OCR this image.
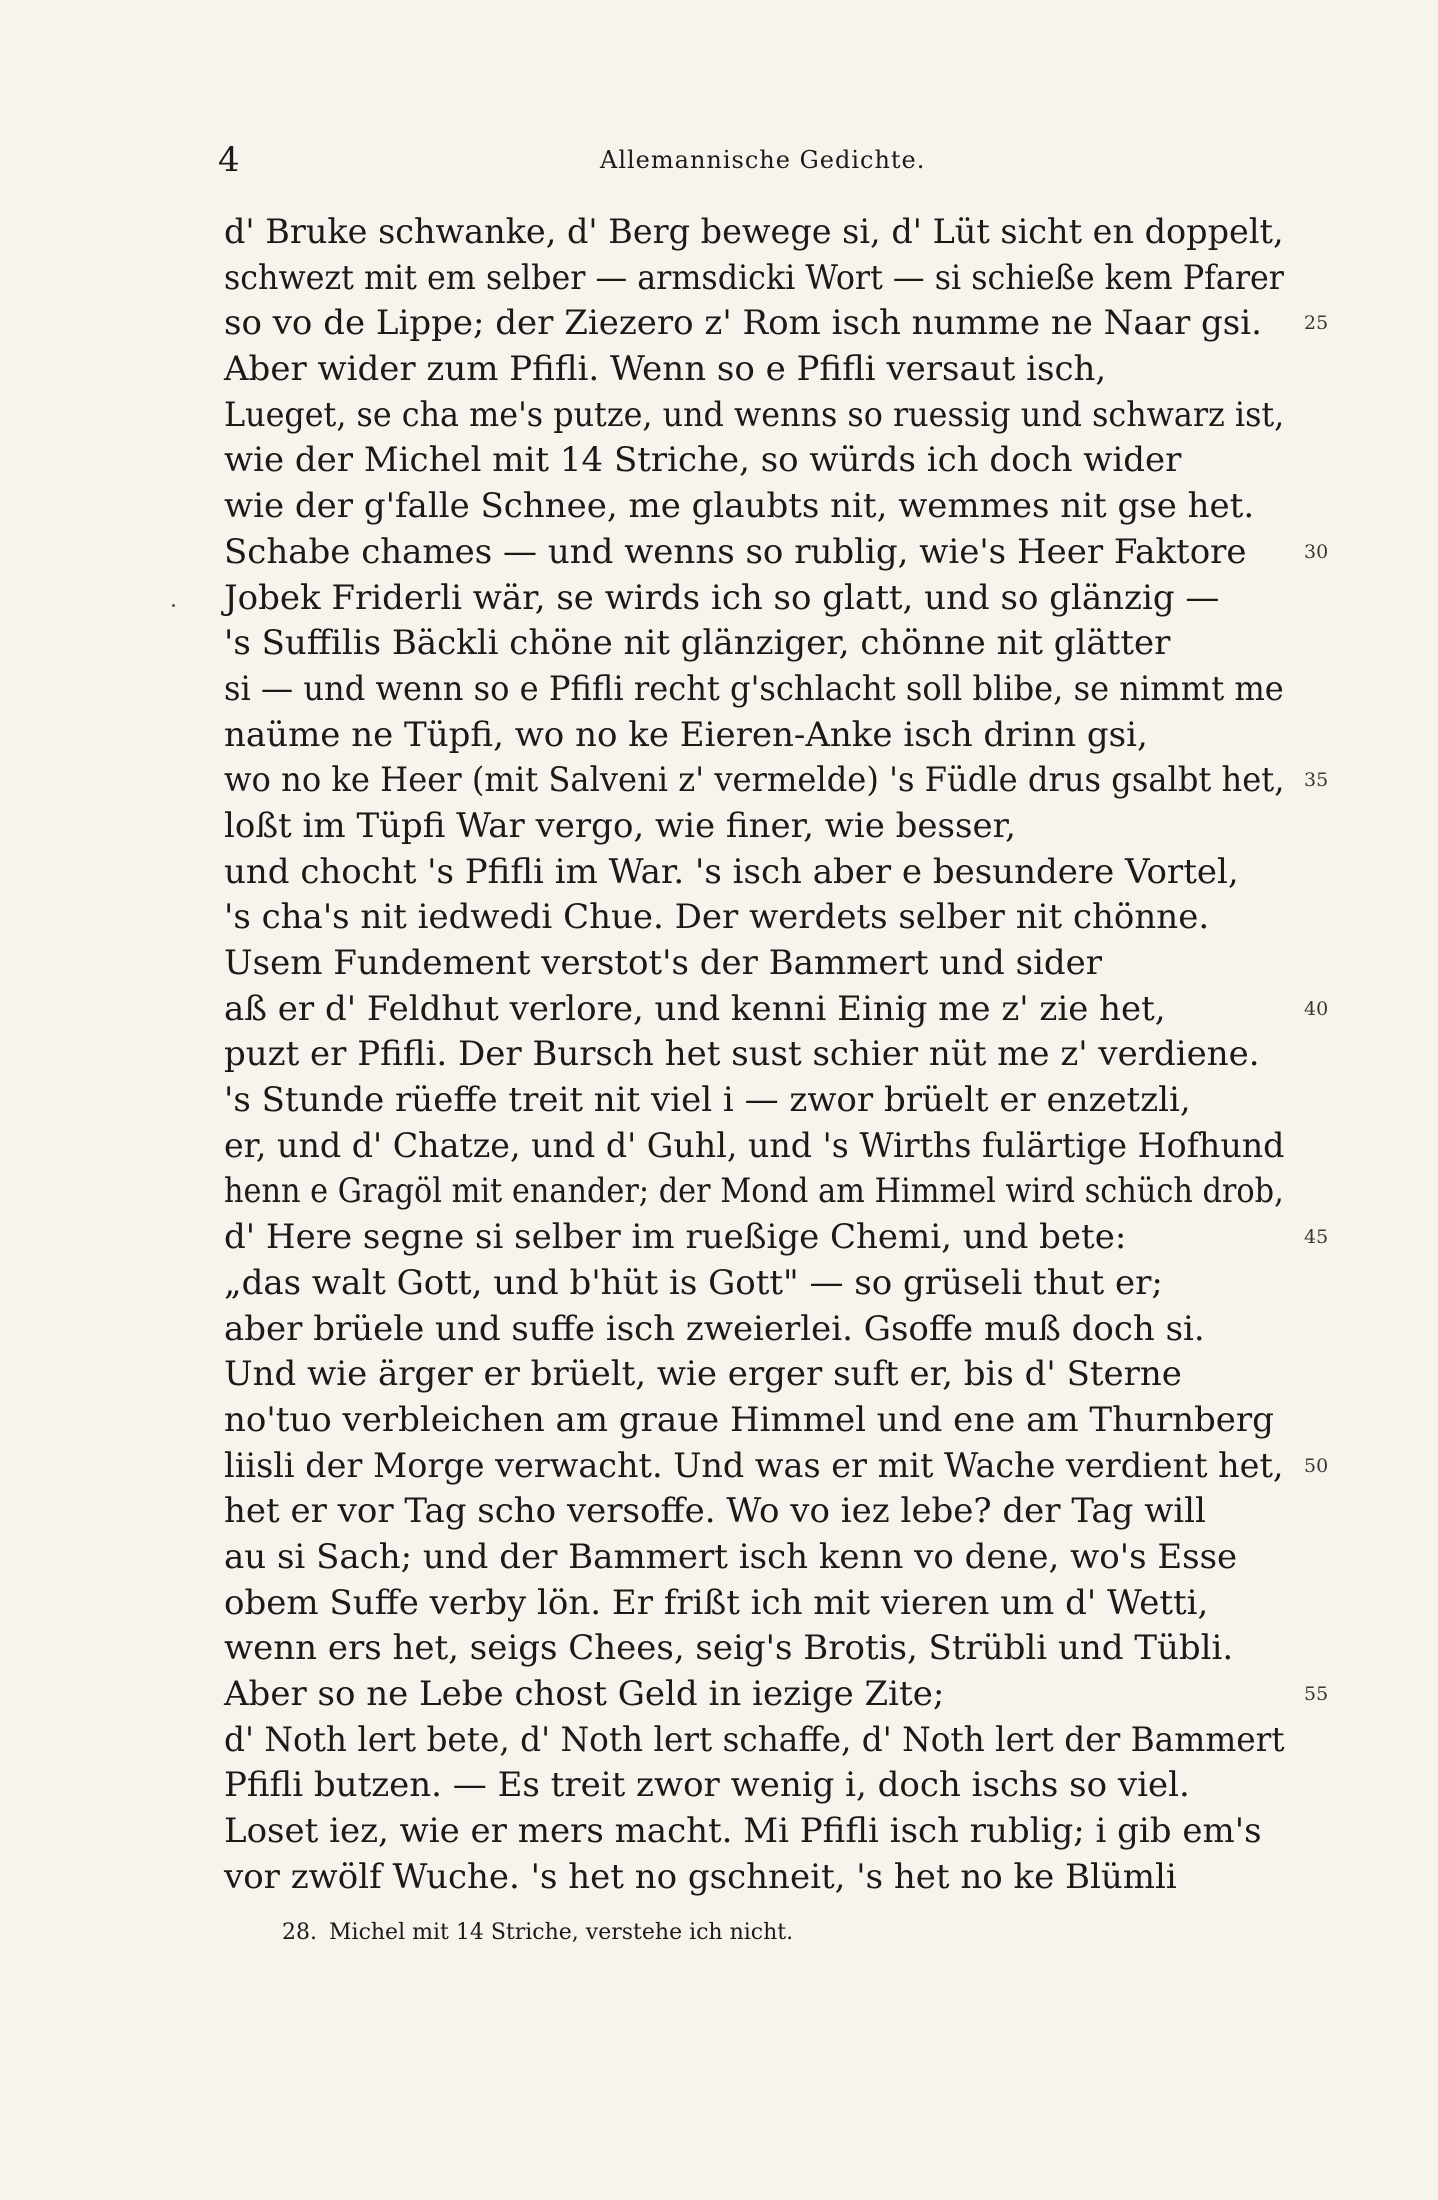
4	Allemannische Gedichte.
d' Bruke schwanke, d' Berg bewege si, d' Lüt sicht en doppelt,
schwezt mit em selber — armsdicki Wort — si schieße kem Pfarer
so vo de Lippe; der Ziezero z' Rom isch numme ne Naar gsi. 25
Aber wider zum Pfifli. Wenn so e Pfifli versaut isch,
Lueget, se cha me's putze, und wenns so ruessig und schwarz ist,
wie der Michel mit 14 Striche, so würds ich doch wider
wie der g'falle Schnee, me glaubts nit, wemmes nit gse het.
Schabe chames — und wenns so rublig, wie's Heer Faktore	30
Jobek Friderli wär, se wirds ich so glatt, und so glänzig —
's Suffilis Bäckli chöne nit glänziger, chönne nit glätter
si — und wenn so e Pfifli recht g'schlacht soll blibe, se nimmt me
naüme ne Tüpfi, wo no ke Eieren-Anke isch drinn gsi,
wo no ke Heer (mit Salveni z' vermelde) 's Füdle drus gsalbt het, 35
loßt im Tüpfi War vergo, wie finer, wie besser,
und chocht 's Pfifli im War. 's isch aber e besundere Vortel,
's cha's nit iedwedi Chue. Der werdets selber nit chönne.
Usem Fundement verstot's der Bammert und sider
aß er d' Feldhut verlore, und kenni Einig me z' zie het,	40
puzt er Pfifli. Der Bursch het sust schier nüt me z' verdiene.
's Stunde rüeffe treit nit viel i — zwor brüelt er enzetzli,
er, und d' Chatze, und d' Guhl, und 's Wirths fulärtige Hofhund
henn e Gragöl mit enander; der Mond am Himmel wird schüch drob,
d' Here segne si selber im rueßige Chemi, und bete:	45
„das walt Gott, und b'hüt is Gott" — so grüseli thut er;
aber brüele und suffe isch zweierlei. Gsoffe muß doch si.
Und wie ärger er brüelt, wie erger suft er, bis d' Sterne
no'tuo verbleichen am graue Himmel und ene am Thurnberg
liisli der Morge verwacht. Und was er mit Wache verdient het, 50
het er vor Tag scho versoffe. Wo vo iez lebe? der Tag will
au si Sach; und der Bammert isch kenn vo dene, wo's Esse
obem Suffe verby lön. Er frißt ich mit vieren um d' Wetti,
wenn ers het, seigs Chees, seig's Brotis, Strübli und Tübli.
Aber so ne Lebe chost Geld in iezige Zite;	55
d' Noth lert bete, d' Noth lert schaffe, d' Noth lert der Bammert
Pfifli butzen. — Es treit zwor wenig i, doch ischs so viel.
Loset iez, wie er mers macht. Mi Pfifli isch rublig; i gib em's
vor zwölf Wuche. 's het no gschneit, 's het no ke Blümli
28. Michel mit 14 Striche, verstehe ich nicht.
